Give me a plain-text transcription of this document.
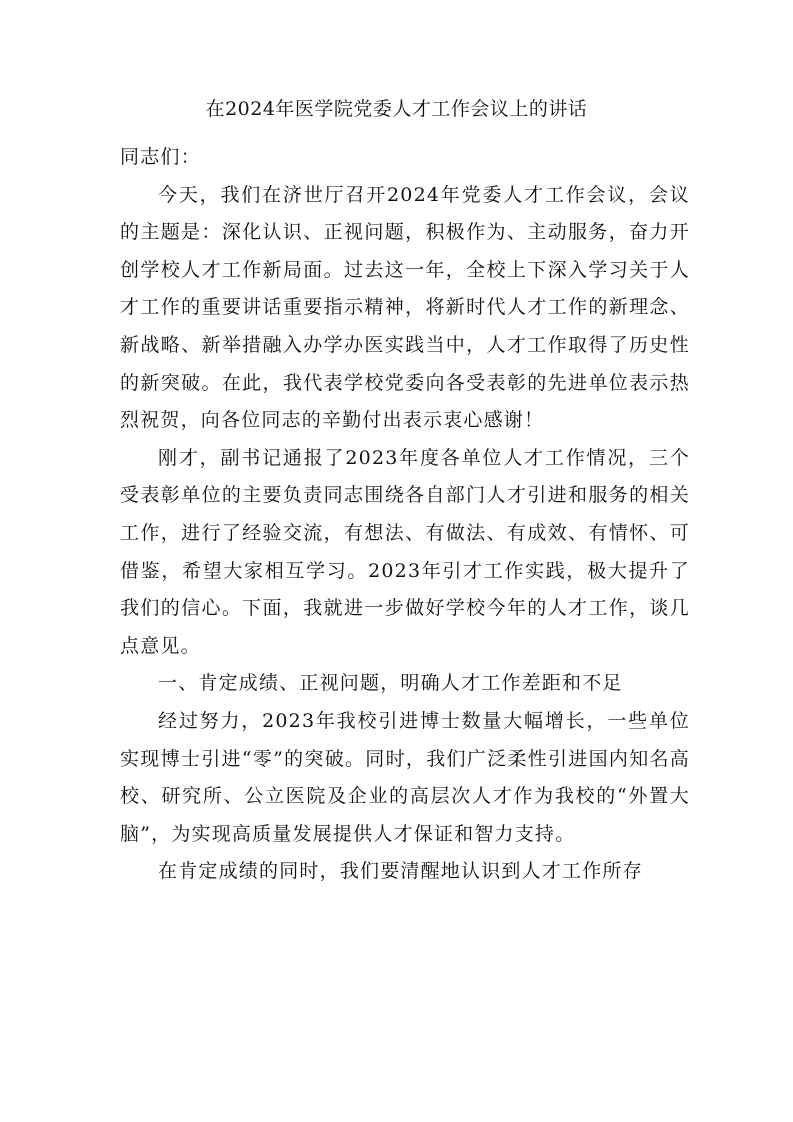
在2024年医学院党委人才工作会议上的讲话

同志们：

今天，我们在济世厅召开2024年党委人才工作会议，会议的主题是：深化认识、正视问题，积极作为、主动服务，奋力开创学校人才工作新局面。过去这一年，全校上下深入学习关于人才工作的重要讲话重要指示精神，将新时代人才工作的新理念、新战略、新举措融入办学办医实践当中，人才工作取得了历史性的新突破。在此，我代表学校党委向各受表彰的先进单位表示热烈祝贺，向各位同志的辛勤付出表示衷心感谢！

刚才，副书记通报了2023年度各单位人才工作情况，三个受表彰单位的主要负责同志围绕各自部门人才引进和服务的相关工作，进行了经验交流，有想法、有做法、有成效、有情怀、可借鉴，希望大家相互学习。2023年引才工作实践，极大提升了我们的信心。下面，我就进一步做好学校今年的人才工作，谈几点意见。

一、肯定成绩、正视问题，明确人才工作差距和不足

经过努力，2023年我校引进博士数量大幅增长，一些单位实现博士引进“零”的突破。同时，我们广泛柔性引进国内知名高校、研究所、公立医院及企业的高层次人才作为我校的“外置大脑”，为实现高质量发展提供人才保证和智力支持。

在肯定成绩的同时，我们要清醒地认识到人才工作所存
